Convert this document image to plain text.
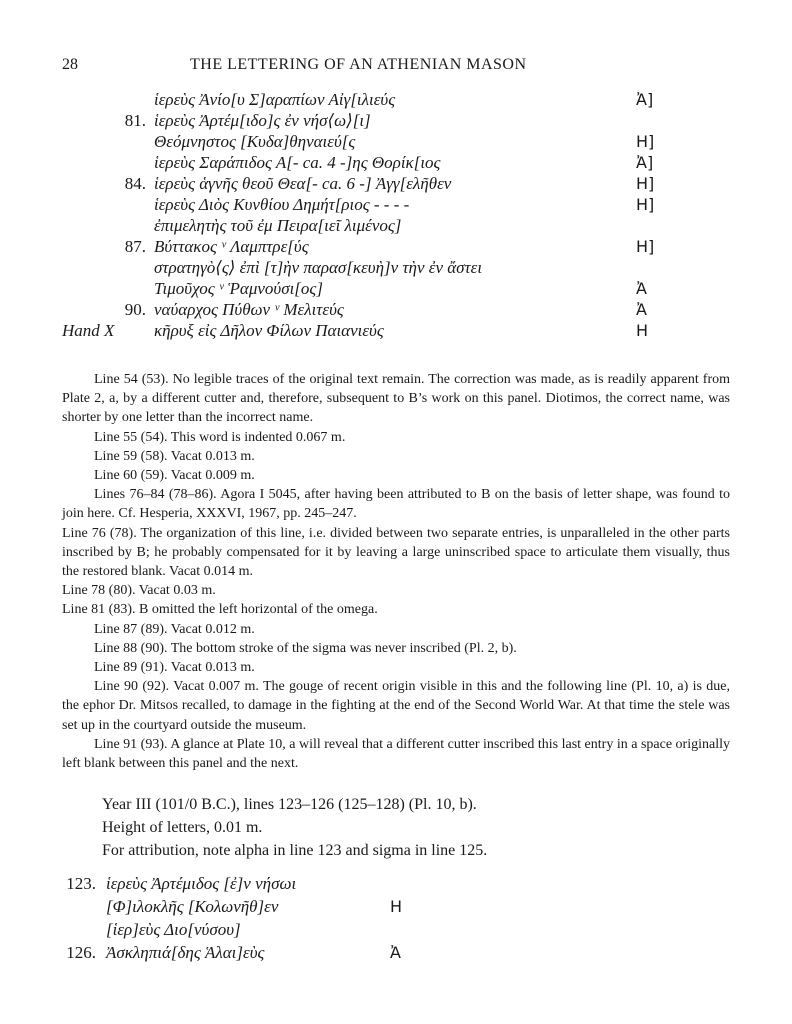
28	THE LETTERING OF AN ATHENIAN MASON
ἱερεὺς Ἀνίο[υ Σ]αραπίων Αἰγ[ιλιεύς	Ἀ]
81. ἱερεὺς Ἀρτέμ[ιδο]ς ἐν νήσ⟨ω⟩[ι]
Θεόμνηστος [Κυδα]θηναιεύ[ς	H]
ἱερεὺς Σαράπιδος Α[- ca. 4 -]ης Θορίκ[ιος	Ἀ]
84. ἱερεὺς ἁγνῆς θεοῦ Θεα[- ca. 6 -] Ἀγγ[ελῆθεν	H]
ἱερεὺς Διὸς Κυνθίου Δημήτ[ριος - - - -	H]
ἐπιμελητὴς τοῦ ἐμ Πειρα[ιεῖ λιμένος]
87. Βύττακος ᵛ Λαμπτρε[ύς	H]
στρατηγὸ⟨ς⟩ ἐπὶ [τ]ὴν παρασ[κευὴ]ν τὴν ἐν ἄστει
Τιμοῦχος ᵛ Ῥαμνούσι[ος]	Ἀ
90. ναύαρχος Πύθων ᵛ Μελιτεύς	Ἀ
Hand X κῆρυξ εἰς Δῆλον Φίλων Παιανιεύς	H

Line 54 (53). No legible traces of the original text remain. The correction was made, as is readily apparent from Plate 2, a, by a different cutter and, therefore, subsequent to B’s work on this panel. Diotimos, the correct name, was shorter by one letter than the incorrect name.

Line 55 (54). This word is indented 0.067 m.

Line 59 (58). Vacat 0.013 m.

Line 60 (59). Vacat 0.009 m.

Lines 76–84 (78–86). Agora I 5045, after having been attributed to B on the basis of letter shape, was found to join here. Cf. Hesperia, XXXVI, 1967, pp. 245–247.

Line 76 (78). The organization of this line, i.e. divided between two separate entries, is unparalleled in the other parts inscribed by B; he probably compensated for it by leaving a large uninscribed space to articulate them visually, thus the restored blank. Vacat 0.014 m.

Line 78 (80). Vacat 0.03 m.

Line 81 (83). B omitted the left horizontal of the omega.

Line 87 (89). Vacat 0.012 m.

Line 88 (90). The bottom stroke of the sigma was never inscribed (Pl. 2, b).

Line 89 (91). Vacat 0.013 m.

Line 90 (92). Vacat 0.007 m. The gouge of recent origin visible in this and the following line (Pl. 10, a) is due, the ephor Dr. Mitsos recalled, to damage in the fighting at the end of the Second World War. At that time the stele was set up in the courtyard outside the museum.

Line 91 (93). A glance at Plate 10, a will reveal that a different cutter inscribed this last entry in a space originally left blank between this panel and the next.

Year III (101/0 B.C.), lines 123–126 (125–128) (Pl. 10, b).

Height of letters, 0.01 m.

For attribution, note alpha in line 123 and sigma in line 125.

123. ἱερεὺς Ἀρτέμιδος [ἐ]ν νήσωι
[Φ]ιλοκλῆς [Κολωνῆθ]εν	H
[ἱερ]εὺς Διο[νύσου]
126. Ἀσκληπιά[δης Ἁλαι]εὺς	Ἀ
